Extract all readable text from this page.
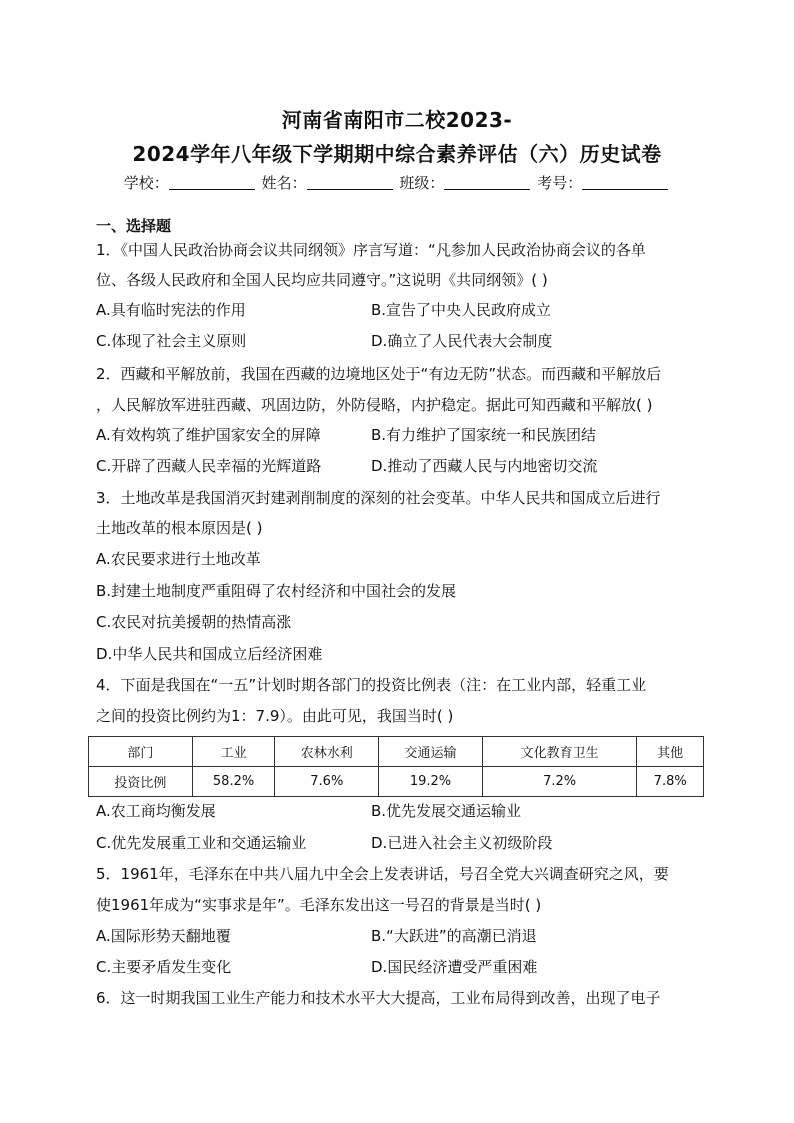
河南省南阳市二校2023-
2024学年八年级下学期期中综合素养评估（六）历史试卷
学校：	姓名：	班级：	考号：
一、选择题
1．《中国人民政治协商会议共同纲领》序言写道：“凡参加人民政治协商会议的各单
位、各级人民政府和全国人民均应共同遵守。”这说明《共同纲领》( )
A.具有临时宪法的作用	B.宣告了中央人民政府成立
C.体现了社会主义原则	D.确立了人民代表大会制度
2．西藏和平解放前，我国在西藏的边境地区处于“有边无防”状态。而西藏和平解放后
，人民解放军进驻西藏、巩固边防，外防侵略，内护稳定。据此可知西藏和平解放( )
A.有效构筑了维护国家安全的屏障	B.有力维护了国家统一和民族团结
C.开辟了西藏人民幸福的光辉道路	D.推动了西藏人民与内地密切交流
3．土地改革是我国消灭封建剥削制度的深刻的社会变革。中华人民共和国成立后进行
土地改革的根本原因是( )
A.农民要求进行土地改革
B.封建土地制度严重阻碍了农村经济和中国社会的发展
C.农民对抗美援朝的热情高涨
D.中华人民共和国成立后经济困难
4．下面是我国在“一五”计划时期各部门的投资比例表（注：在工业内部，轻重工业
之间的投资比例约为1：7.9）。由此可见，我国当时( )
部门	工业	农林水利	交通运输	文化教育卫生	其他
投资比例	58.2%	7.6%	19.2%	7.2%	7.8%
A.农工商均衡发展	B.优先发展交通运输业
C.优先发展重工业和交通运输业	D.已进入社会主义初级阶段
5．1961年，毛泽东在中共八届九中全会上发表讲话，号召全党大兴调查研究之风，要
使1961年成为“实事求是年”。毛泽东发出这一号召的背景是当时( )
A.国际形势天翻地覆	B.“大跃进”的高潮已消退
C.主要矛盾发生变化	D.国民经济遭受严重困难
6．这一时期我国工业生产能力和技术水平大大提高，工业布局得到改善，出现了电子
